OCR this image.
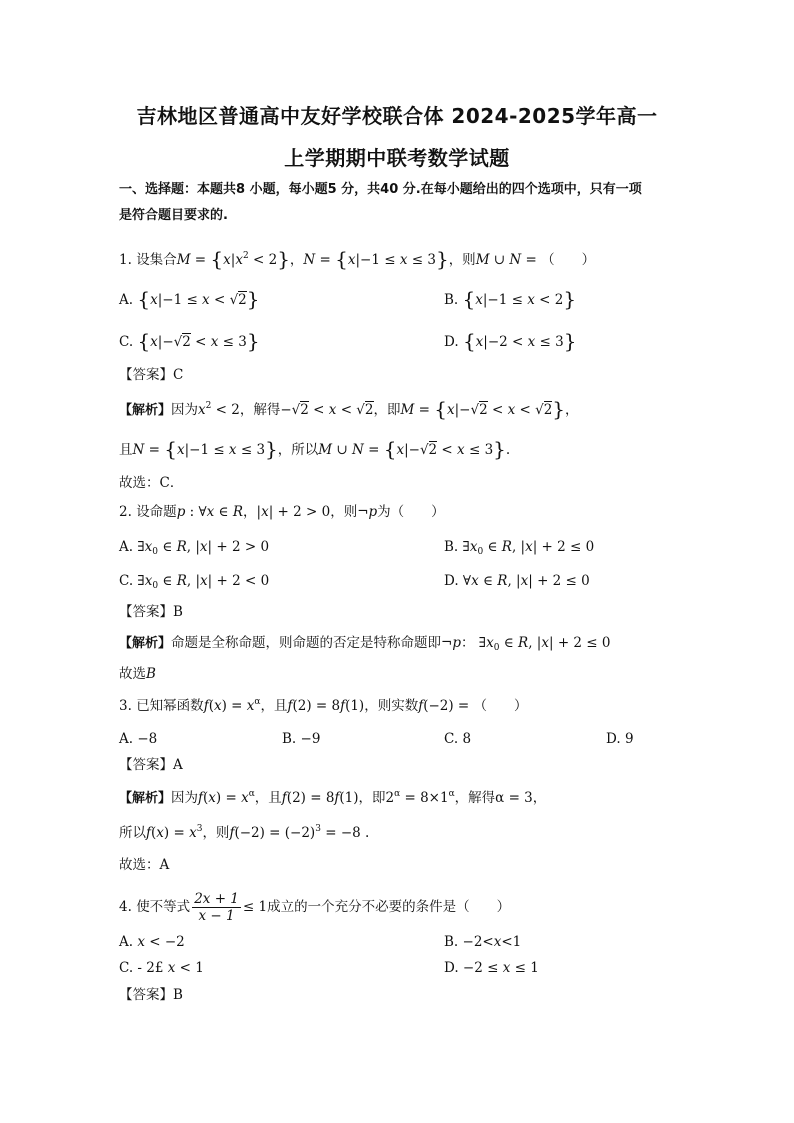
吉林地区普通高中友好学校联合体 2024-2025学年高一
上学期期中联考数学试题
一、选择题：本题共8 小题，每小题5 分，共40 分.在每小题给出的四个选项中，只有一项
是符合题目要求的.
1. 设集合$M = \{x|x^2 < 2\}$，N = {x|−1 ≤ x ≤ 3}，则M ∪ N = （　　）
A. {x|−1 ≤ x < √2}	B. {x|−1 ≤ x < 2}
C. {x|−√2 < x ≤ 3}	D. {x|−2 < x ≤ 3}
【答案】C
【解析】因为$x^2 < 2$，解得−√2 < x < √2，即M = {x|−√2 < x < √2}，
且N = {x|−1 ≤ x ≤ 3}，所以M ∪ N = {x|−√2 < x ≤ 3}.
故选：C．
2. 设命题p : ∀x ∈ R，|x| + 2 > 0，则¬p为（　　）
A. $\exists x_0$ ∈ R, |x| + 2 > 0	B. $\exists x_0$ ∈ R, |x| + 2 ≤ 0
C. $\exists x_0$ ∈ R, |x| + 2 < 0	D. ∀x ∈ R, |x| + 2 ≤ 0
【答案】B
【解析】命题是全称命题，则命题的否定是特称命题即¬p： $\exists x_0$ ∈ R, |x| + 2 ≤ 0
故选B
3. 已知幂函数$f(x) = x^\alpha$，且f(2) = 8f(1)，则实数f(−2) = （　　）
A. −8	B. −9	C. 8	D. 9
【答案】A
【解析】因为$f(x) = x^\alpha$，且f(2) = 8f(1)，即$2^\alpha = 8\times 1^\alpha$，解得α = 3，
所以$f(x) = x^3$，则$f(-2) = (-2)^3 = -8$ .
故选：A
4. 使不等式 $\frac{2x + 1}{x - 1} \le 1$成立的一个充分不必要的条件是（　　）
A. x < −2	B. −2<x<1
C. - 2£ x < 1	D. −2 ≤ x ≤ 1
【答案】B
